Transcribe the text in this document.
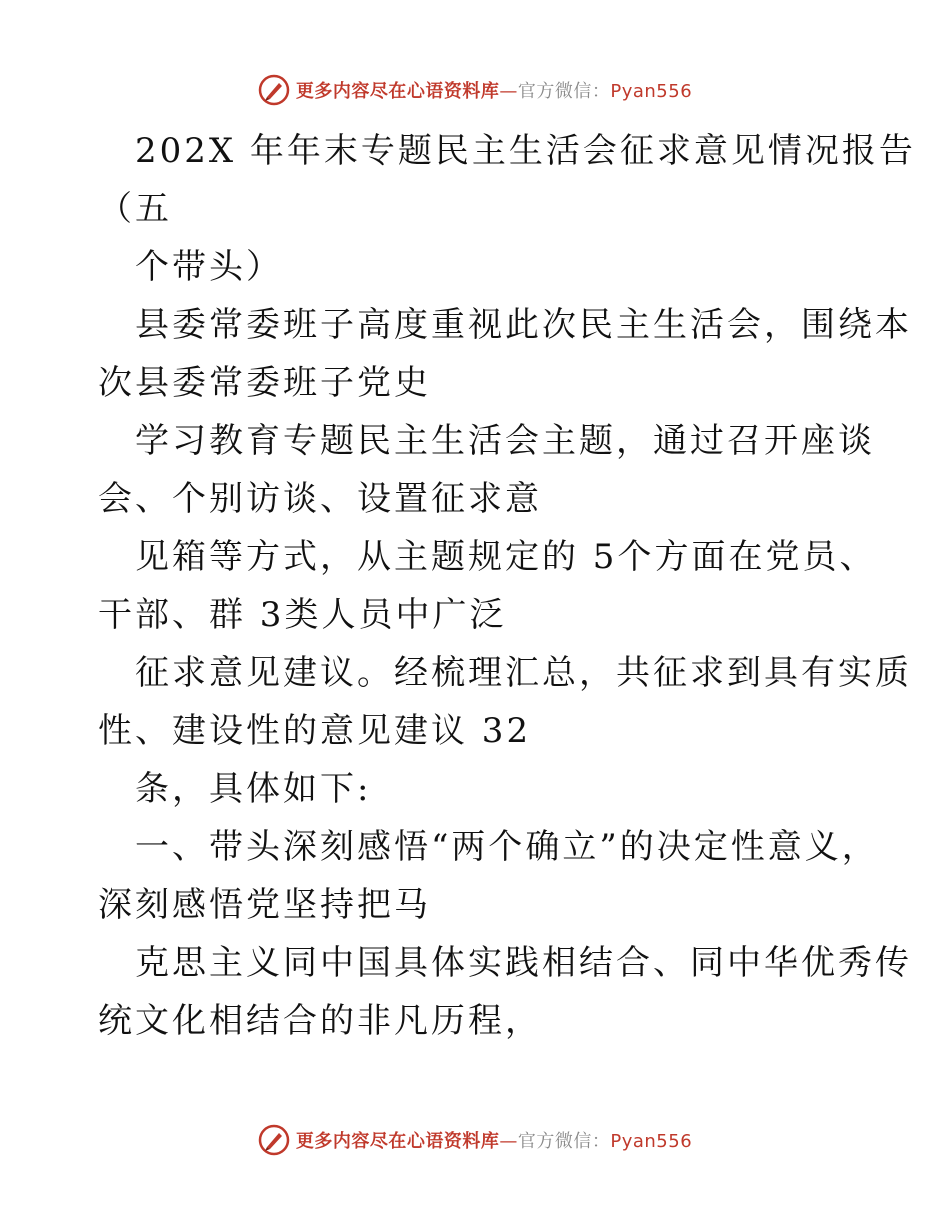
更多内容尽在心语资料库—官方微信：Pyan556
202X 年年末专题民主生活会征求意见情况报告
（五
个带头）
县委常委班子高度重视此次民主生活会，围绕本
次县委常委班子党史
学习教育专题民主生活会主题，通过召开座谈
会、个别访谈、设置征求意
见箱等方式，从主题规定的 5个方面在党员、
干部、群 3类人员中广泛
征求意见建议。经梳理汇总，共征求到具有实质
性、建设性的意见建议 32
条，具体如下:
一、带头深刻感悟“两个确立”的决定性意义，
深刻感悟党坚持把马
克思主义同中国具体实践相结合、同中华优秀传
统文化相结合的非凡历程，
更多内容尽在心语资料库—官方微信：Pyan556
